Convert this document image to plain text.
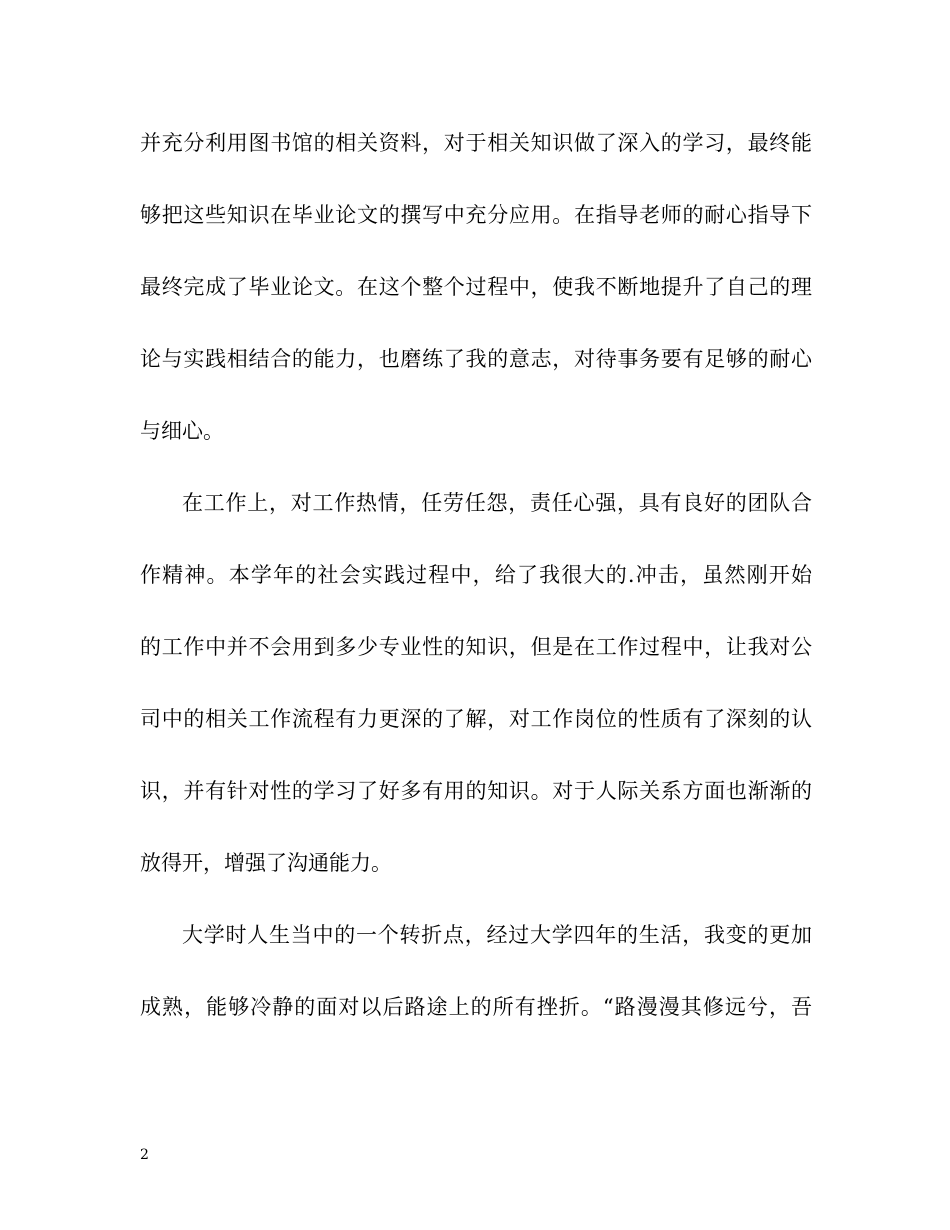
并充分利用图书馆的相关资料，对于相关知识做了深入的学习，最终能
够把这些知识在毕业论文的撰写中充分应用。在指导老师的耐心指导下
最终完成了毕业论文。在这个整个过程中，使我不断地提升了自己的理
论与实践相结合的能力，也磨练了我的意志，对待事务要有足够的耐心
与细心。
在工作上，对工作热情，任劳任怨，责任心强，具有良好的团队合
作精神。本学年的社会实践过程中，给了我很大的.冲击，虽然刚开始
的工作中并不会用到多少专业性的知识，但是在工作过程中，让我对公
司中的相关工作流程有力更深的了解，对工作岗位的性质有了深刻的认
识，并有针对性的学习了好多有用的知识。对于人际关系方面也渐渐的
放得开，增强了沟通能力。
大学时人生当中的一个转折点，经过大学四年的生活，我变的更加
成熟，能够冷静的面对以后路途上的所有挫折。“路漫漫其修远兮，吾
2
